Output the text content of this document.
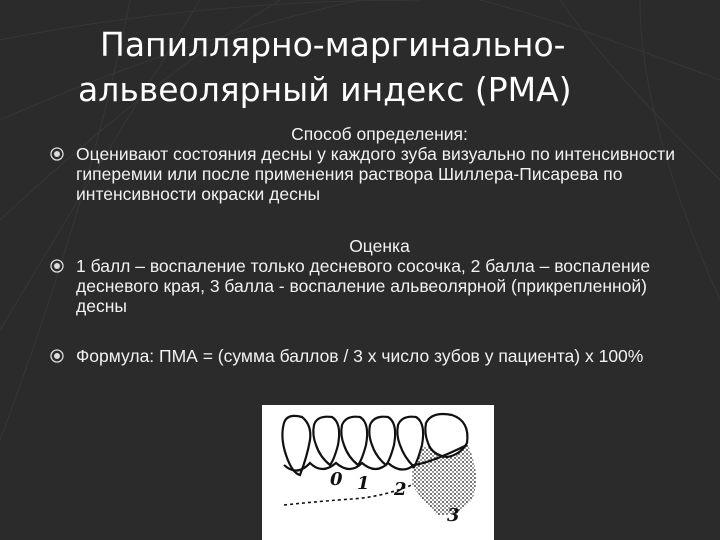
Папиллярно-маргинально-
альвеолярный индекс (РМА)
Способ определения:
Оценивают состояния десны у каждого зуба визуально по интенсивности гиперемии или после применения раствора Шиллера-Писарева по интенсивности окраски десны
Оценка
1 балл – воспаление только десневого сосочка, 2 балла – воспаление десневого края, 3 балла - воспаление альвеолярной (прикрепленной) десны
Формула: ПМА = (сумма баллов / 3 х число зубов у пациента) х 100%
0 1 2
3
